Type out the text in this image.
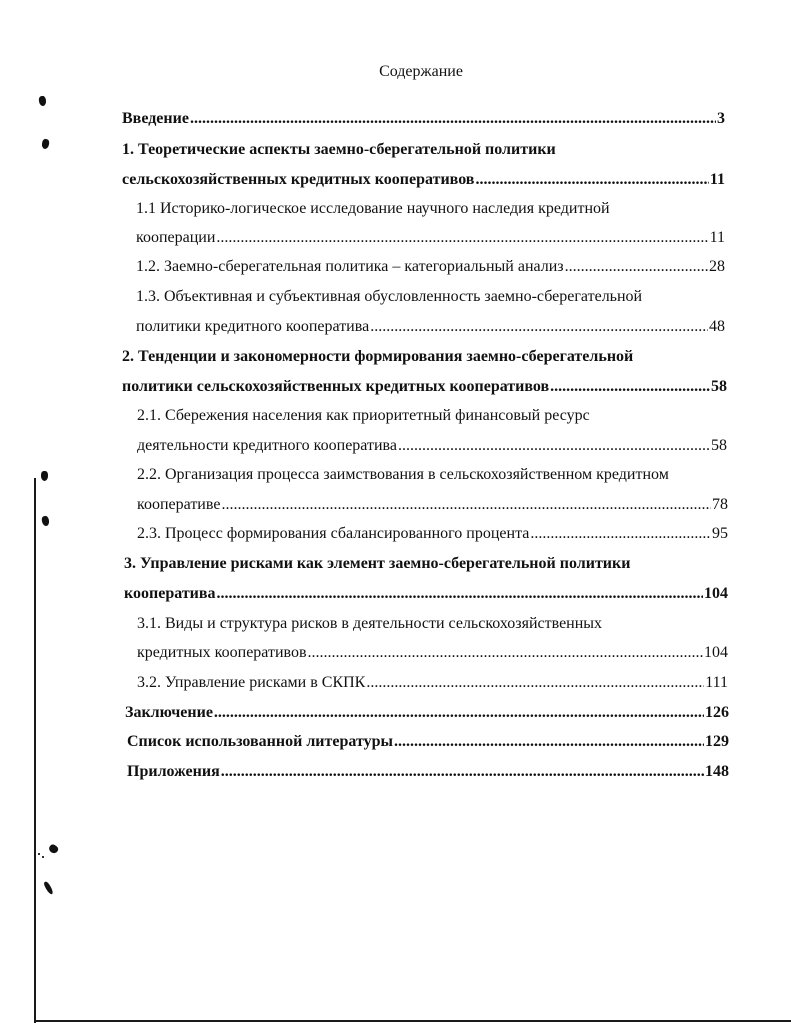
Содержание
Введение .....	3
1. Теоретические аспекты заемно-сберегательной политики
сельскохозяйственных кредитных кооперативов .....	11
1.1 Историко-логическое исследование научного наследия кредитной
кооперации .....	11
1.2. Заемно-сберегательная политика – категориальный анализ .....	28
1.3. Объективная и субъективная обусловленность заемно-сберегательной
политики кредитного кооператива .....	48
2. Тенденции и закономерности формирования заемно-сберегательной
политики сельскохозяйственных кредитных кооперативов .....	58
2.1. Сбережения населения как приоритетный финансовый ресурс
деятельности кредитного кооператива .....	58
2.2. Организация процесса заимствования в сельскохозяйственном кредитном
кооперативе .....	78
2.3. Процесс формирования сбалансированного процента .....	95
3. Управление рисками как элемент заемно-сберегательной политики
кооператива .....	104
3.1. Виды и структура рисков в деятельности сельскохозяйственных
кредитных кооперативов .....	104
3.2. Управление рисками в СКПК .....	111
Заключение .....	126
Список использованной литературы .....	129
Приложения .....	148
